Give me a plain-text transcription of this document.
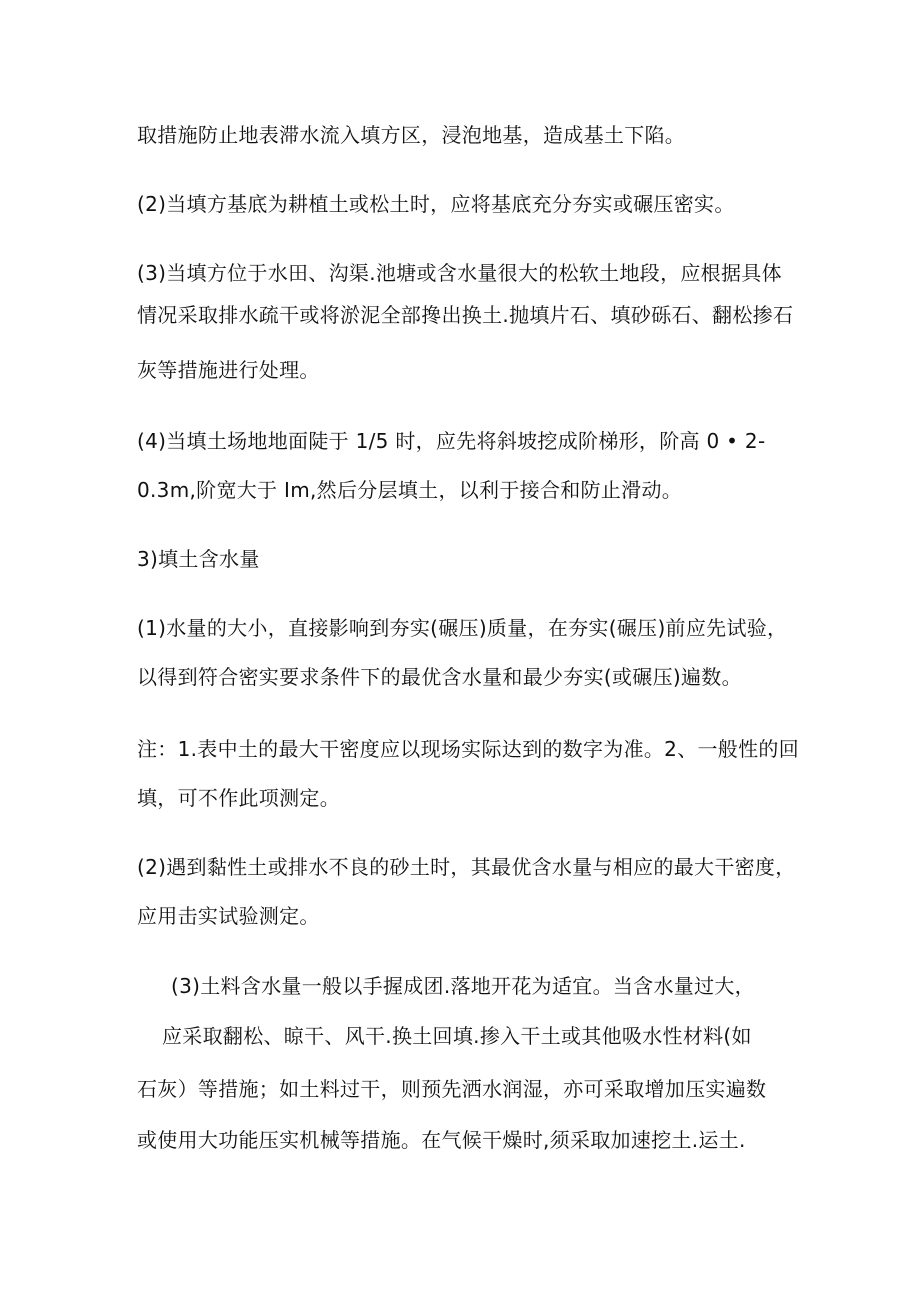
取措施防止地表滞水流入填方区，浸泡地基，造成基土下陷。
(2)当填方基底为耕植土或松土时，应将基底充分夯实或碾压密实。
(3)当填方位于水田、沟渠.池塘或含水量很大的松软土地段，应根据具体
情况采取排水疏干或将淤泥全部搀出换土.抛填片石、填砂砾石、翻松掺石
灰等措施进行处理。
(4)当填土场地地面陡于 1/5 时，应先将斜坡挖成阶梯形，阶高 0 • 2-
0.3m,阶宽大于 Im,然后分层填土，以利于接合和防止滑动。
3)填土含水量
(1)水量的大小，直接影响到夯实(碾压)质量，在夯实(碾压)前应先试验，
以得到符合密实要求条件下的最优含水量和最少夯实(或碾压)遍数。
注：1.表中土的最大干密度应以现场实际达到的数字为准。2、一般性的回
填，可不作此项测定。
(2)遇到黏性土或排水不良的砂土时，其最优含水量与相应的最大干密度，
应用击实试验测定。
(3)土料含水量一般以手握成团.落地开花为适宜。当含水量过大，
应采取翻松、晾干、风干.换土回填.掺入干土或其他吸水性材料(如
石灰）等措施；如土料过干，则预先洒水润湿，亦可采取增加压实遍数
或使用大功能压实机械等措施。在气候干燥时,须采取加速挖土.运土.
